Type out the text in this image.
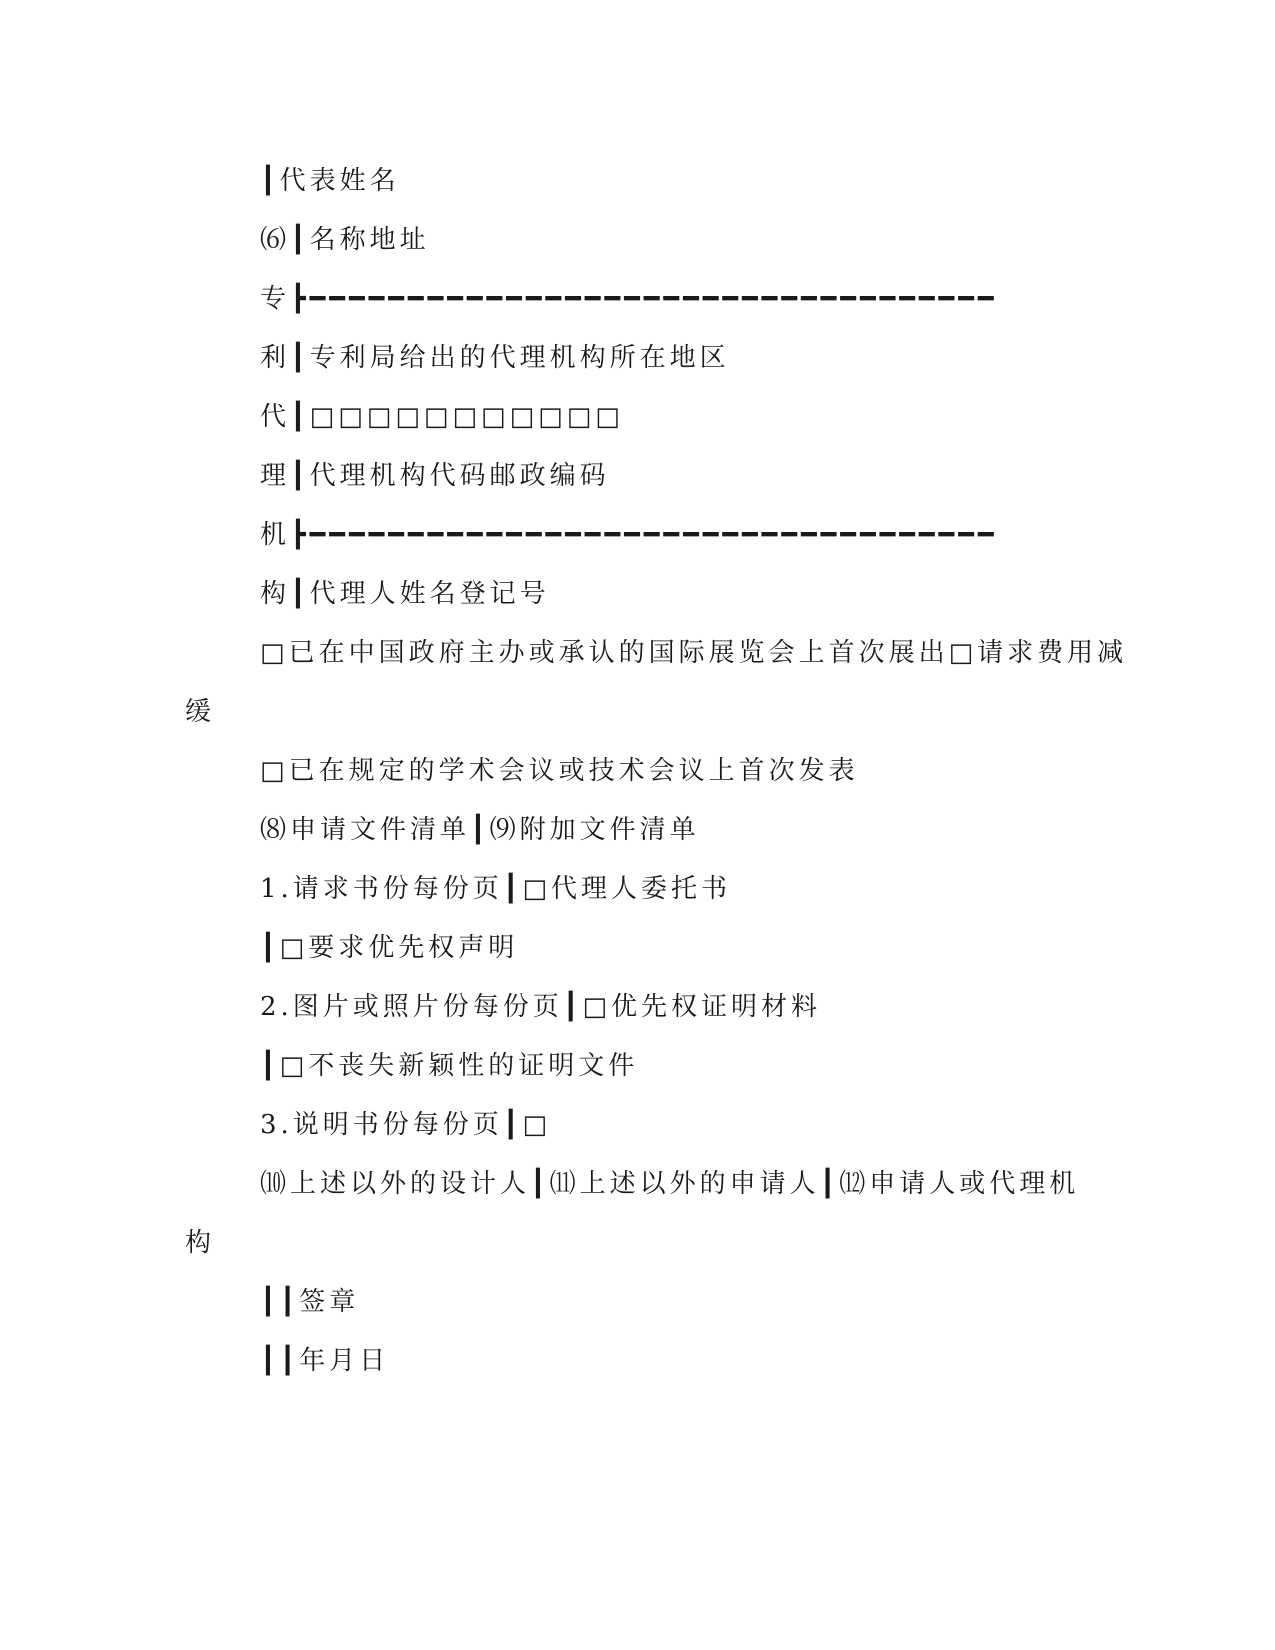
┃代表姓名
⑹┃名称地址
专┣━━━━━━━━━━━━━━━━━━━━━━━━━━━━━━━━━━━
利┃专利局给出的代理机构所在地区
代┃□□□□□□□□□□□
理┃代理机构代码邮政编码
机┣━━━━━━━━━━━━━━━━━━━━━━━━━━━━━━━━━━━
构┃代理人姓名登记号
□已在中国政府主办或承认的国际展览会上首次展出□请求费用减
缓
□已在规定的学术会议或技术会议上首次发表
⑻申请文件清单┃⑼附加文件清单
1.请求书份每份页┃□代理人委托书
┃□要求优先权声明
2.图片或照片份每份页┃□优先权证明材料
┃□不丧失新颖性的证明文件
3.说明书份每份页┃□
⑽上述以外的设计人┃⑾上述以外的申请人┃⑿申请人或代理机
构
┃┃签章
┃┃年月日
